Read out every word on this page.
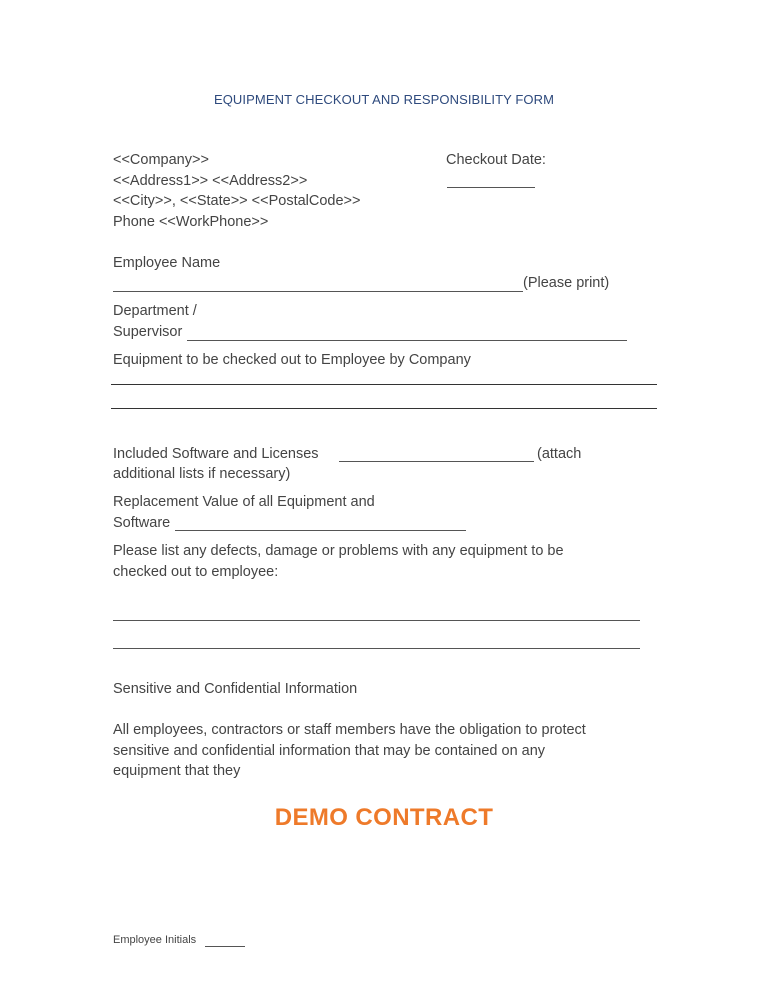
EQUIPMENT CHECKOUT AND RESPONSIBILITY FORM
<<Company>>
<<Address1>> <<Address2>>
<<City>>, <<State>> <<PostalCode>>
Phone <<WorkPhone>>
Checkout Date:
Employee Name
(Please print)
Department /
Supervisor
Equipment to be checked out to Employee by Company
Included Software and Licenses	(attach
additional lists if necessary)
Replacement Value of all Equipment and
Software
Please list any defects, damage or problems with any equipment to be
checked out to employee:
Sensitive and Confidential Information
All employees, contractors or staff members have the obligation to protect
sensitive and confidential information that may be contained on any
equipment that they
DEMO CONTRACT
Employee Initials
